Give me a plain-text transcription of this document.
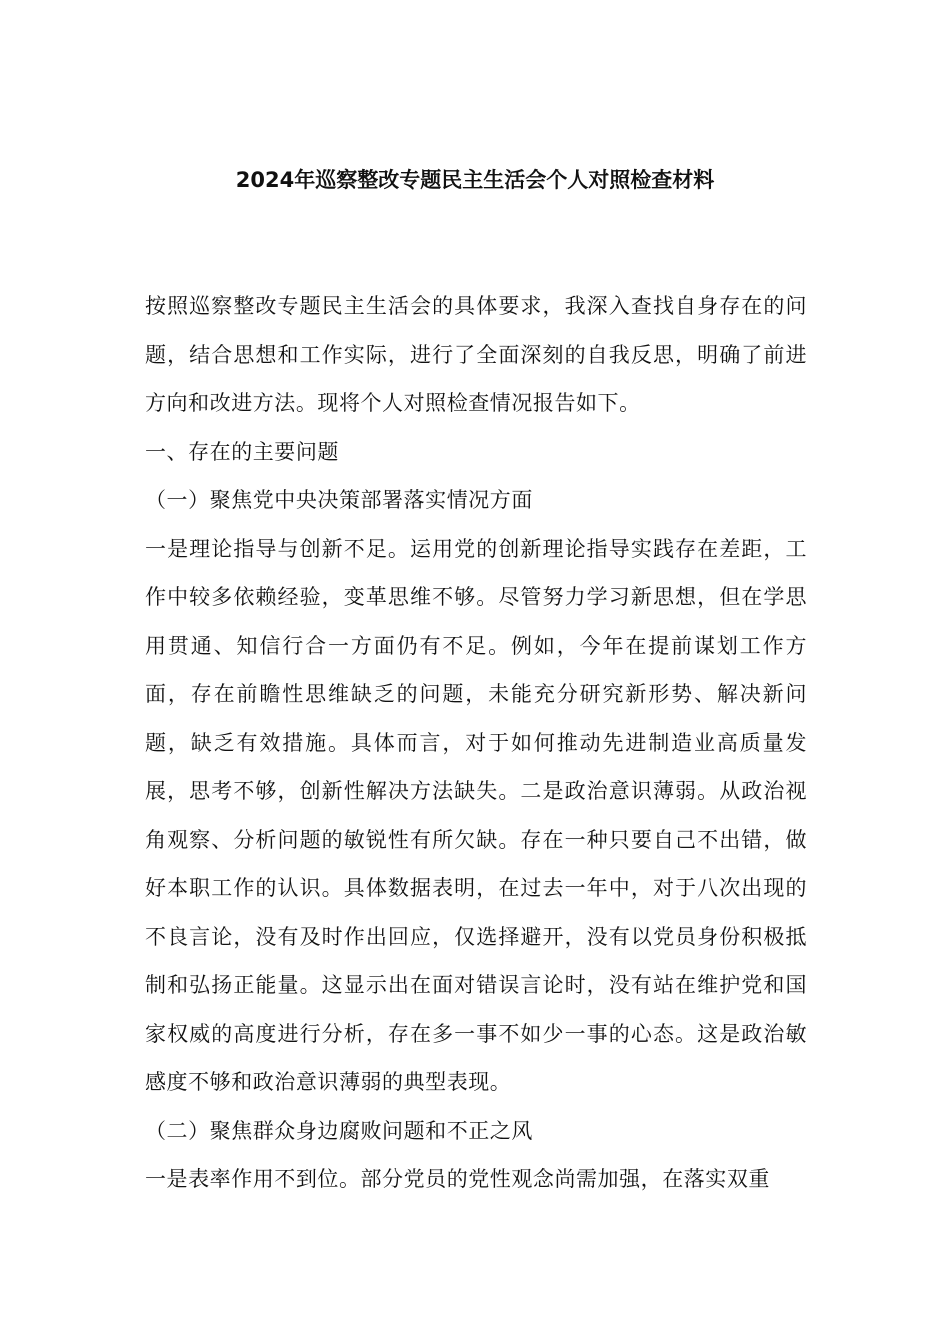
2024年巡察整改专题民主生活会个人对照检查材料

按照巡察整改专题民主生活会的具体要求，我深入查找自身存在的问题，结合思想和工作实际，进行了全面深刻的自我反思，明确了前进方向和改进方法。现将个人对照检查情况报告如下。

一、存在的主要问题

（一）聚焦党中央决策部署落实情况方面

一是理论指导与创新不足。运用党的创新理论指导实践存在差距，工作中较多依赖经验，变革思维不够。尽管努力学习新思想，但在学思用贯通、知信行合一方面仍有不足。例如，今年在提前谋划工作方面，存在前瞻性思维缺乏的问题，未能充分研究新形势、解决新问题，缺乏有效措施。具体而言，对于如何推动先进制造业高质量发展，思考不够，创新性解决方法缺失。二是政治意识薄弱。从政治视角观察、分析问题的敏锐性有所欠缺。存在一种只要自己不出错，做好本职工作的认识。具体数据表明，在过去一年中，对于八次出现的不良言论，没有及时作出回应，仅选择避开，没有以党员身份积极抵制和弘扬正能量。这显示出在面对错误言论时，没有站在维护党和国家权威的高度进行分析，存在多一事不如少一事的心态。这是政治敏感度不够和政治意识薄弱的典型表现。

（二）聚焦群众身边腐败问题和不正之风

一是表率作用不到位。部分党员的党性观念尚需加强，在落实双重
